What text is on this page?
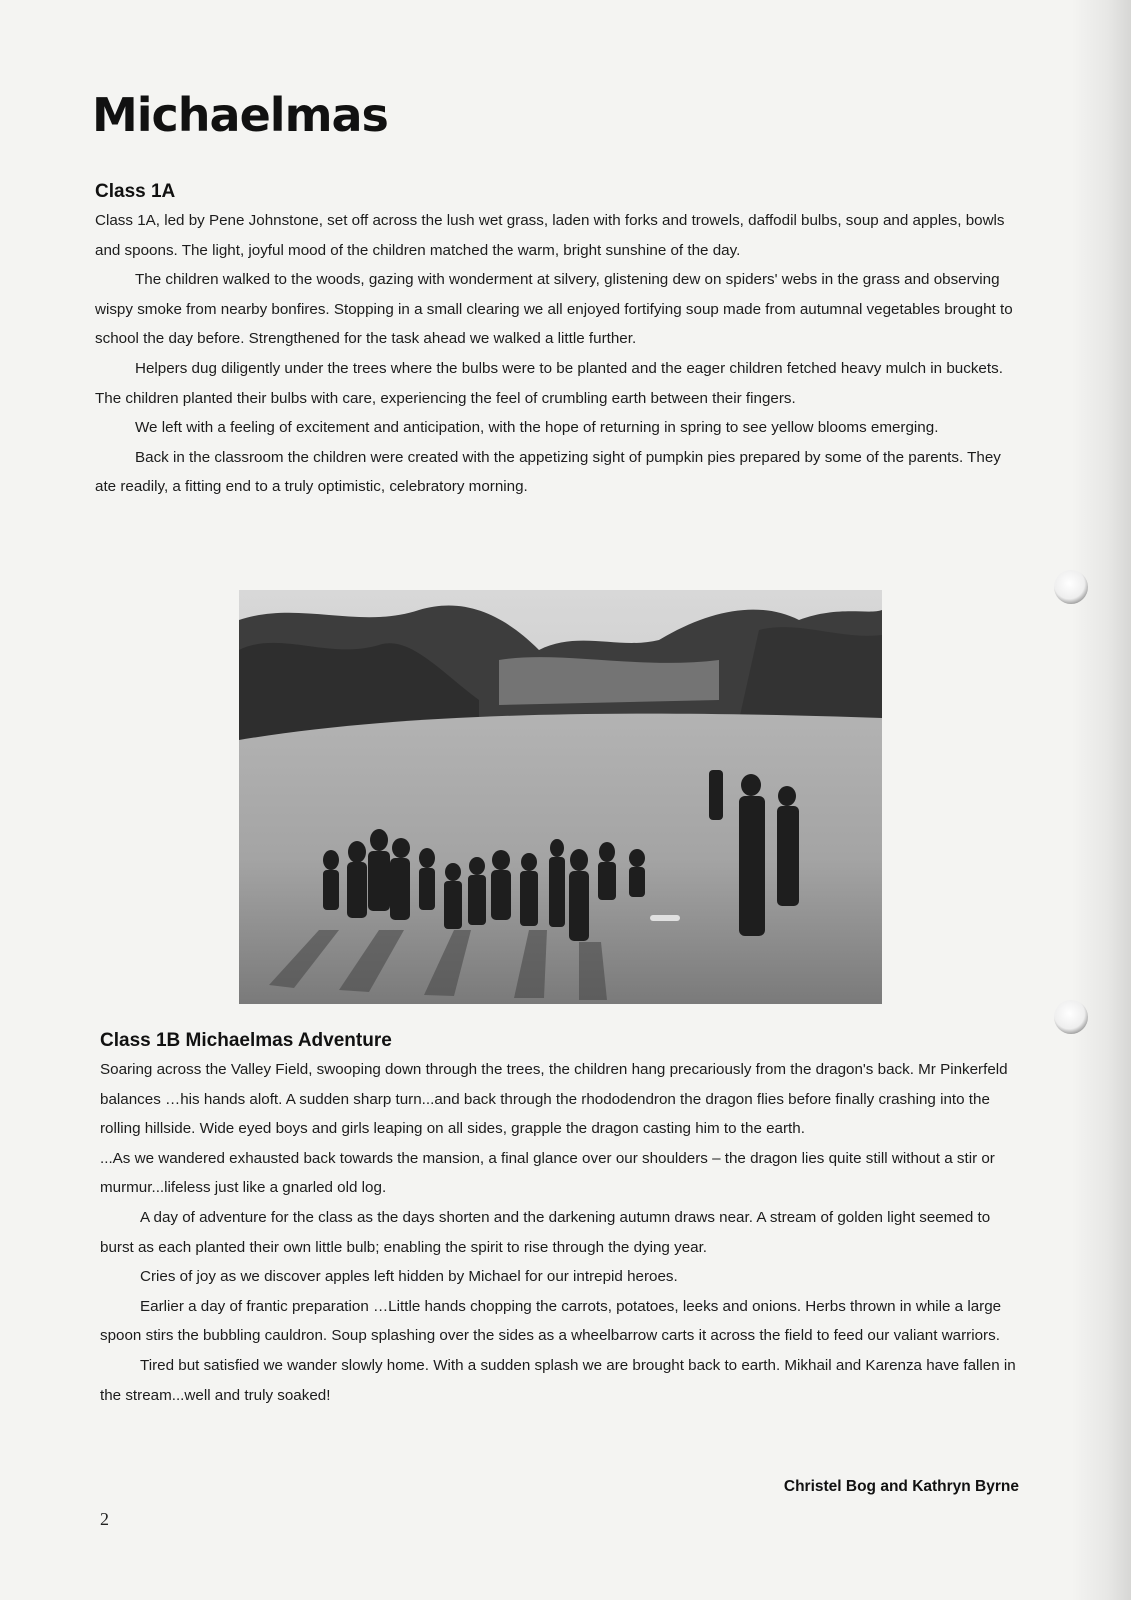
Michaelmas
Class 1A

Class 1A, led by Pene Johnstone, set off across the lush wet grass, laden with forks and trowels, daffodil bulbs, soup and apples, bowls and spoons. The light, joyful mood of the children matched the warm, bright sunshine of the day.

The children walked to the woods, gazing with wonderment at silvery, glistening dew on spiders' webs in the grass and observing wispy smoke from nearby bonfires. Stopping in a small clearing we all enjoyed fortifying soup made from autumnal vegetables brought to school the day before. Strengthened for the task ahead we walked a little further.

Helpers dug diligently under the trees where the bulbs were to be planted and the eager children fetched heavy mulch in buckets. The children planted their bulbs with care, experiencing the feel of crumbling earth between their fingers.

We left with a feeling of excitement and anticipation, with the hope of returning in spring to see yellow blooms emerging.

Back in the classroom the children were created with the appetizing sight of pumpkin pies prepared by some of the parents. They ate readily, a fitting end to a truly optimistic, celebratory morning.

Class 1B Michaelmas Adventure

Soaring across the Valley Field, swooping down through the trees, the children hang precariously from the dragon's back. Mr Pinkerfeld balances …his hands aloft. A sudden sharp turn...and back through the rhododendron the dragon flies before finally crashing into the rolling hillside. Wide eyed boys and girls leaping on all sides, grapple the dragon casting him to the earth.

...As we wandered exhausted back towards the mansion, a final glance over our shoulders – the dragon lies quite still without a stir or murmur...lifeless just like a gnarled old log.

A day of adventure for the class as the days shorten and the darkening autumn draws near. A stream of golden light seemed to burst as each planted their own little bulb; enabling the spirit to rise through the dying year.

Cries of joy as we discover apples left hidden by Michael for our intrepid heroes.

Earlier a day of frantic preparation …Little hands chopping the carrots, potatoes, leeks and onions. Herbs thrown in while a large spoon stirs the bubbling cauldron. Soup splashing over the sides as a wheelbarrow carts it across the field to feed our valiant warriors.

Tired but satisfied we wander slowly home. With a sudden splash we are brought back to earth. Mikhail and Karenza have fallen in the stream...well and truly soaked!

Christel Bog and Kathryn Byrne
2
